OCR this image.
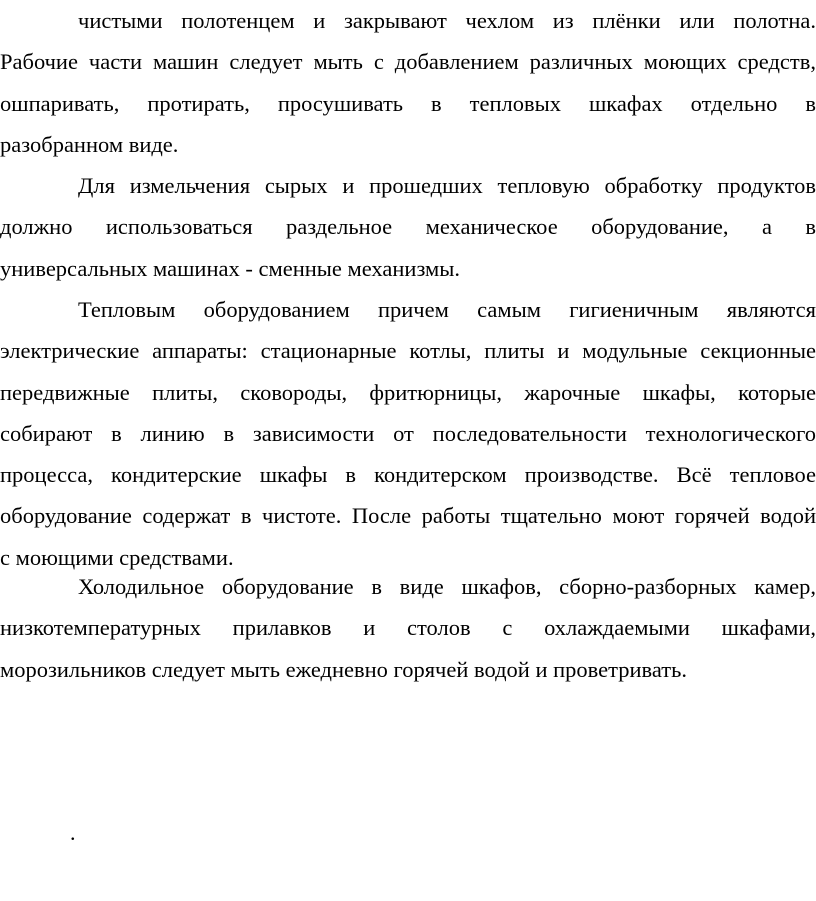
чистыми полотенцем и закрывают чехлом из плёнки или полотна.
Рабочие части машин следует мыть с добавлением различных моющих средств,
ошпаривать, протирать, просушивать в тепловых шкафах отдельно в
разобранном виде.

Для измельчения сырых и прошедших тепловую обработку продуктов
должно использоваться раздельное механическое оборудование, а в
универсальных машинах - сменные механизмы.

Тепловым оборудованием причем самым гигиеничным являются
электрические аппараты: стационарные котлы, плиты и модульные секционные
передвижные плиты, сковороды, фритюрницы, жарочные шкафы, которые
собирают в линию в зависимости от последовательности технологического
процесса, кондитерские шкафы в кондитерском производстве. Всё тепловое
оборудование содержат в чистоте. После работы тщательно моют горячей водой
с моющими средствами.

Холодильное оборудование в виде шкафов, сборно-разборных камер,
низкотемпературных прилавков и столов с охлаждаемыми шкафами,
морозильников следует мыть ежедневно горячей водой и проветривать.

.
